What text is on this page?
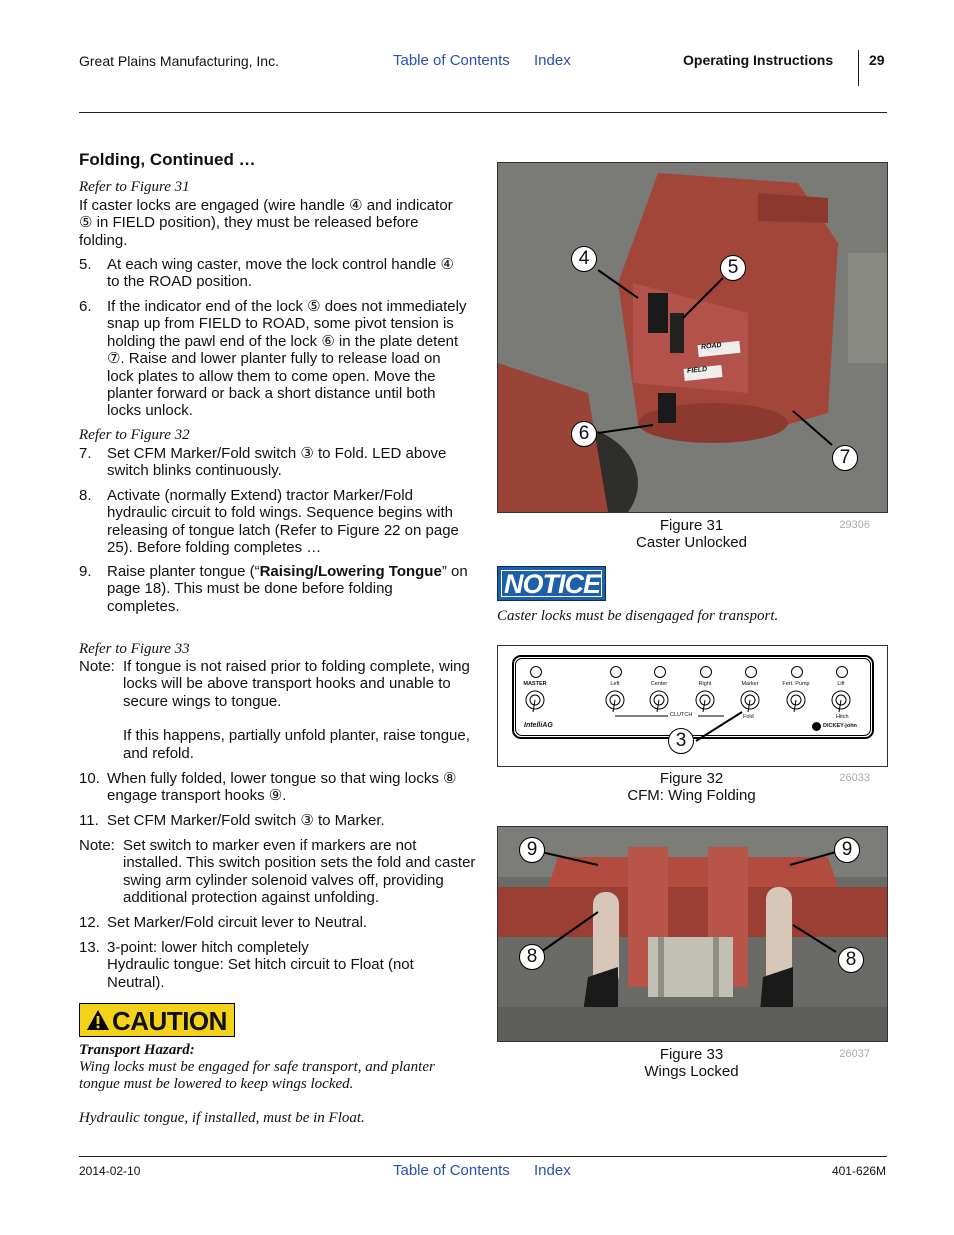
Great Plains Manufacturing, Inc.	Table of Contents Index	Operating Instructions	29
Folding, Continued …
Refer to Figure 31
If caster locks are engaged (wire handle ④ and indicator ⑤ in FIELD position), they must be released before folding.
5. At each wing caster, move the lock control handle ④ to the ROAD position.
6. If the indicator end of the lock ⑤ does not immediately snap up from FIELD to ROAD, some pivot tension is holding the pawl end of the lock ⑥ in the plate detent ⑦. Raise and lower planter fully to release load on lock plates to allow them to come open. Move the planter forward or back a short distance until both locks unlock.
Refer to Figure 32
7. Set CFM Marker/Fold switch ③ to Fold. LED above switch blinks continuously.
8. Activate (normally Extend) tractor Marker/Fold hydraulic circuit to fold wings. Sequence begins with releasing of tongue latch (Refer to Figure 22 on page 25). Before folding completes …
9. Raise planter tongue (“Raising/Lowering Tongue” on page 18). This must be done before folding completes.
Refer to Figure 33
Note: If tongue is not raised prior to folding complete, wing locks will be above transport hooks and unable to secure wings to tongue.
If this happens, partially unfold planter, raise tongue, and refold.
10. When fully folded, lower tongue so that wing locks ⑧ engage transport hooks ⑨.
11. Set CFM Marker/Fold switch ③ to Marker.
Note: Set switch to marker even if markers are not installed. This switch position sets the fold and caster swing arm cylinder solenoid valves off, providing additional protection against unfolding.
12. Set Marker/Fold circuit lever to Neutral.
13. 3-point: lower hitch completely
Hydraulic tongue: Set hitch circuit to Float (not Neutral).
CAUTION
Transport Hazard:
Wing locks must be engaged for safe transport, and planter tongue must be lowered to keep wings locked.
Hydraulic tongue, if installed, must be in Float.
ROAD
FIELD
4	5
6
7
Figure 31
Caster Unlocked
29306
NOTICE
Caster locks must be disengaged for transport.
MASTER	Left	Center	Right	Marker	Fert. Pump	Lift
CLUTCH	Fold	Hitch
IntelliAG	DICKEY-john
3
Figure 32
CFM: Wing Folding
26033
9	9
8	8
Figure 33
Wings Locked
26037
2014-02-10	Table of Contents Index	401-626M
